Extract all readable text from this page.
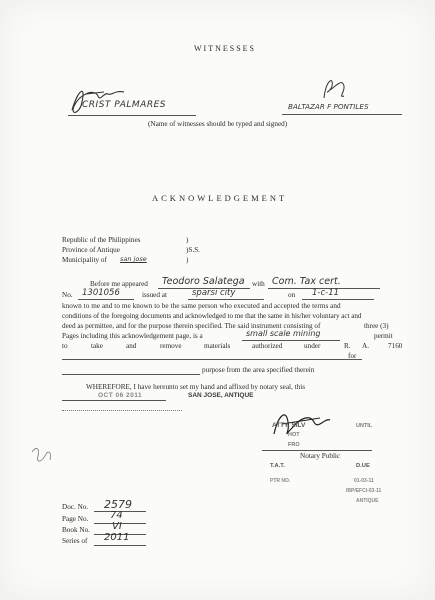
WITNESSES
CRIST PALMARES	BALTAZAR F PONTILES
(Name of witnesses should be typed and signed)
ACKNOWLEDGEMENT
Republic of the Philippines
Province of Antique
Municipality of san jose
)
)S.S.
)
Before me appeared Teodoro Salatega with Com. Tax cert.
No. 1301056	issued at	sparsi city	on 1-c-11
known to me and to me known to be the same person who executed and accepted the terms and
conditions of the foregoing documents and acknowledged to me that the same in his/her voluntary act and
deed as permittee, and for the purpose therein specified. The said instrument consisting of	three (3)
Pages including this acknowledgement page, is a	small scale mining	permit
to	take	and	remove	materials	authorized	under	R. A.	7160
for
purpose from the area specified therein
WHEREFORE, I have hereunto set my hand and affixed by notary seal, this
OCT 06 2011	SAN JOSE, ANTIQUE
ATTY. SILV
HOT
FRO
UNTIL
Notary Public
T.A.T.	D.UE
PTR NO.	01-03-11
IBP/EFCI-03-11
ANTIQUE
Doc. No. 2579
Page No. 74
Book No. VI
Series of 2011
